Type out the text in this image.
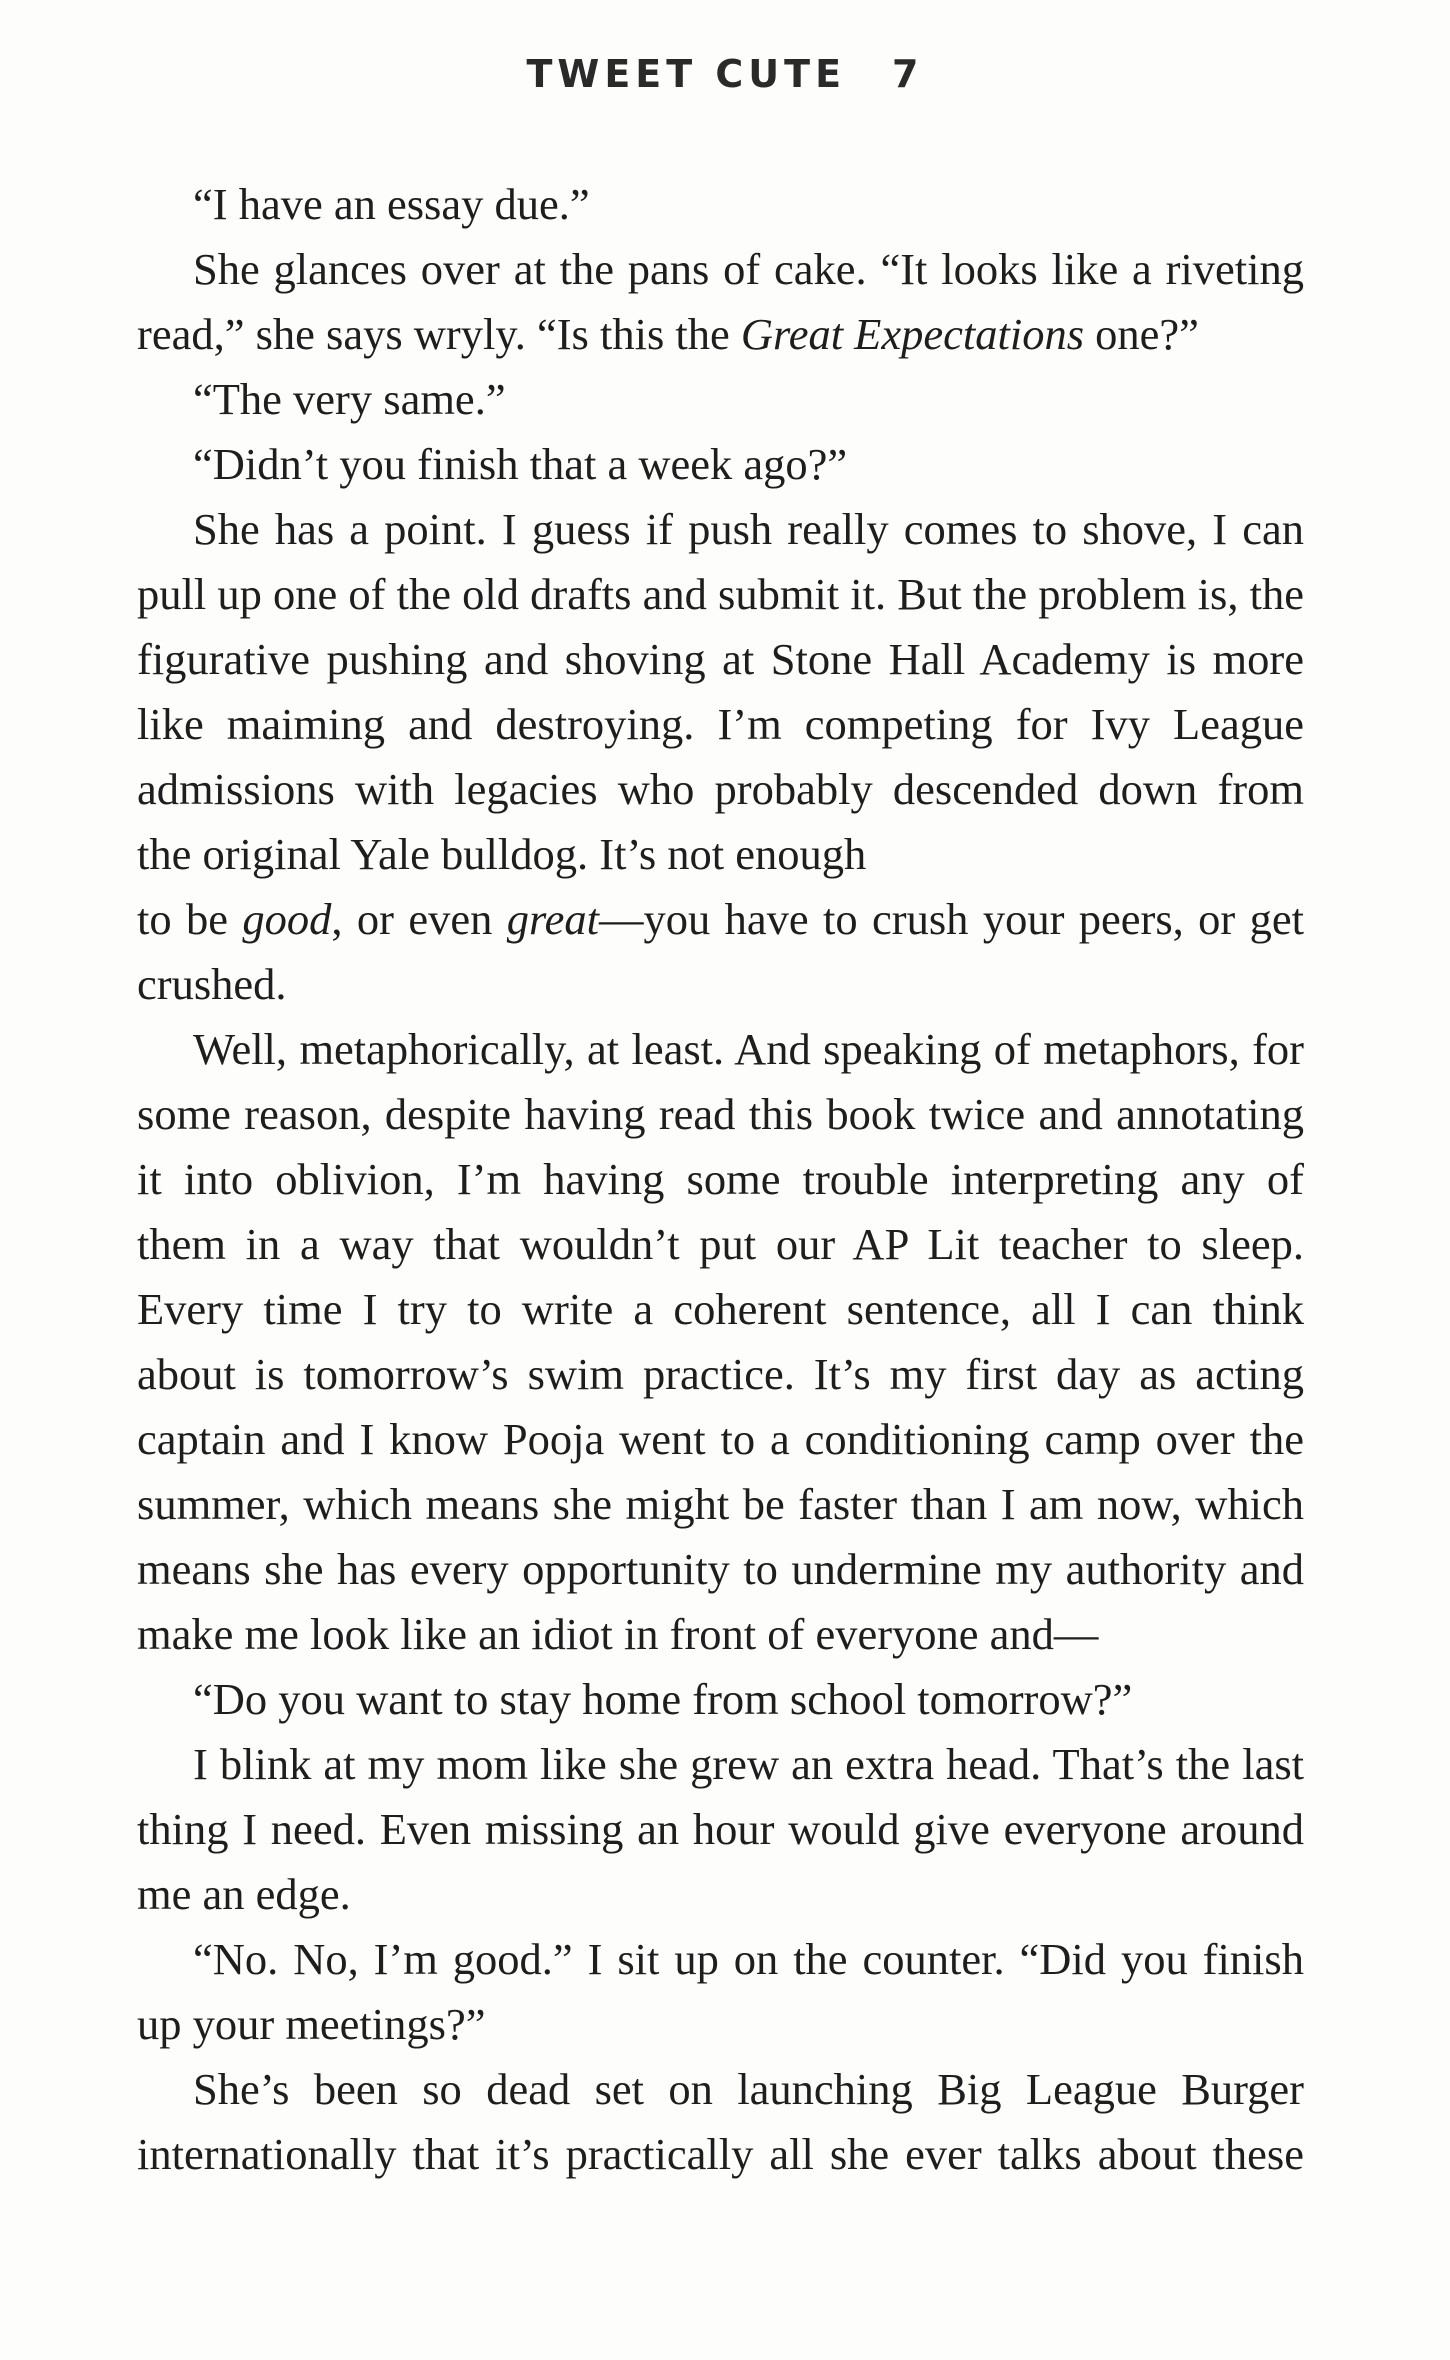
TWEET CUTE 7

“I have an essay due.”

She glances over at the pans of cake. “It looks like a riveting read,” she says wryly. “Is this the Great Expectations one?”

“The very same.”

“Didn’t you finish that a week ago?”

She has a point. I guess if push really comes to shove, I can pull up one of the old drafts and submit it. But the problem is, the figurative pushing and shoving at Stone Hall Academy is more like maiming and destroying. I’m competing for Ivy League admissions with legacies who probably descended down from the original Yale bulldog. It’s not enough

to be good, or even great—you have to crush your peers, or get crushed.

Well, metaphorically, at least. And speaking of metaphors, for some reason, despite having read this book twice and annotating it into oblivion, I’m having some trouble interpreting any of them in a way that wouldn’t put our AP Lit teacher to sleep. Every time I try to write a coherent sentence, all I can think about is tomorrow’s swim practice. It’s my first day as acting captain and I know Pooja went to a conditioning camp over the summer, which means she might be faster than I am now, which means she has every opportunity to undermine my authority and make me look like an idiot in front of everyone and—

“Do you want to stay home from school tomorrow?”

I blink at my mom like she grew an extra head. That’s the last thing I need. Even missing an hour would give everyone around me an edge.

“No. No, I’m good.” I sit up on the counter. “Did you finish up your meetings?”

She’s been so dead set on launching Big League Burger internationally that it’s practically all she ever talks about these
